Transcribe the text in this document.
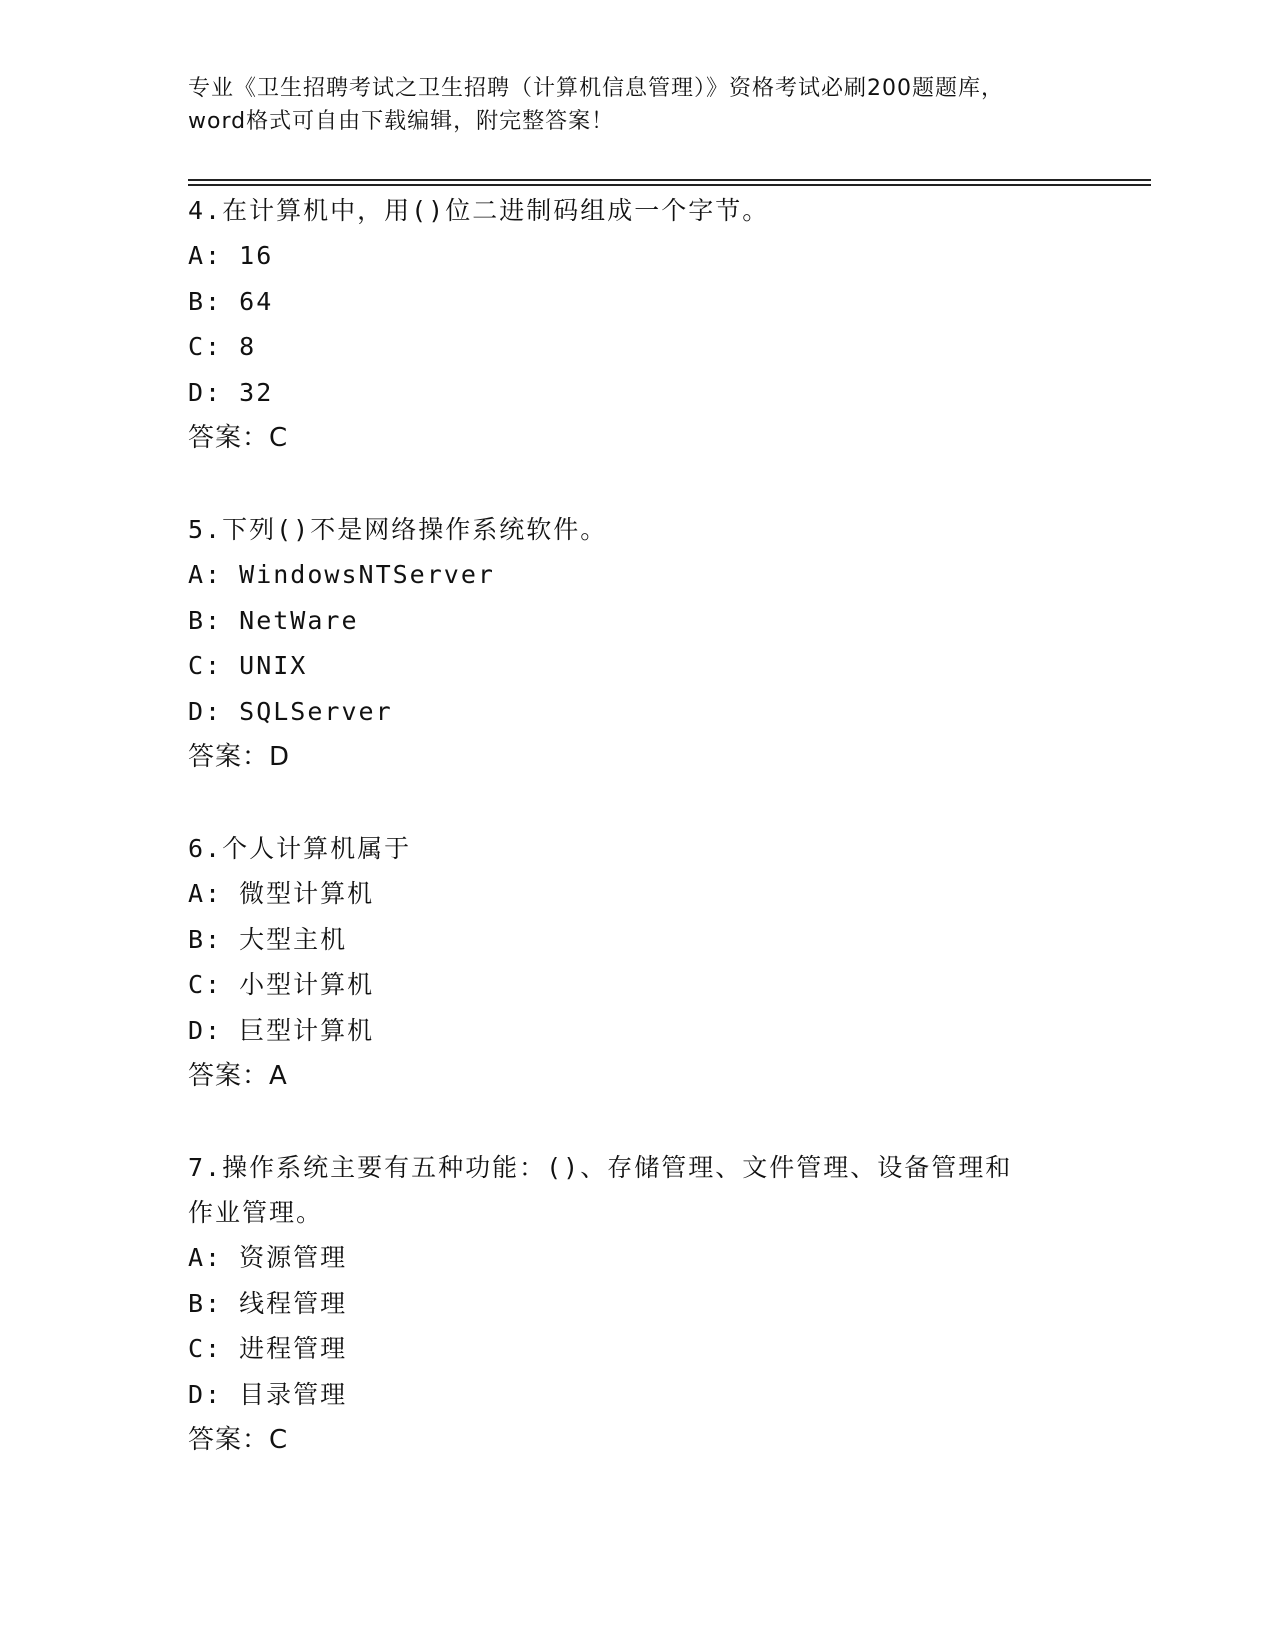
专业《卫生招聘考试之卫生招聘（计算机信息管理）》资格考试必刷200题题库，
word格式可自由下载编辑，附完整答案！
4.在计算机中，用()位二进制码组成一个字节。
A: 16
B: 64
C: 8
D: 32
答案：C
5.下列()不是网络操作系统软件。
A: WindowsNTServer
B: NetWare
C: UNIX
D: SQLServer
答案：D
6.个人计算机属于
A: 微型计算机
B: 大型主机
C: 小型计算机
D: 巨型计算机
答案：A
7.操作系统主要有五种功能：()、存储管理、文件管理、设备管理和
作业管理。
A: 资源管理
B: 线程管理
C: 进程管理
D: 目录管理
答案：C
